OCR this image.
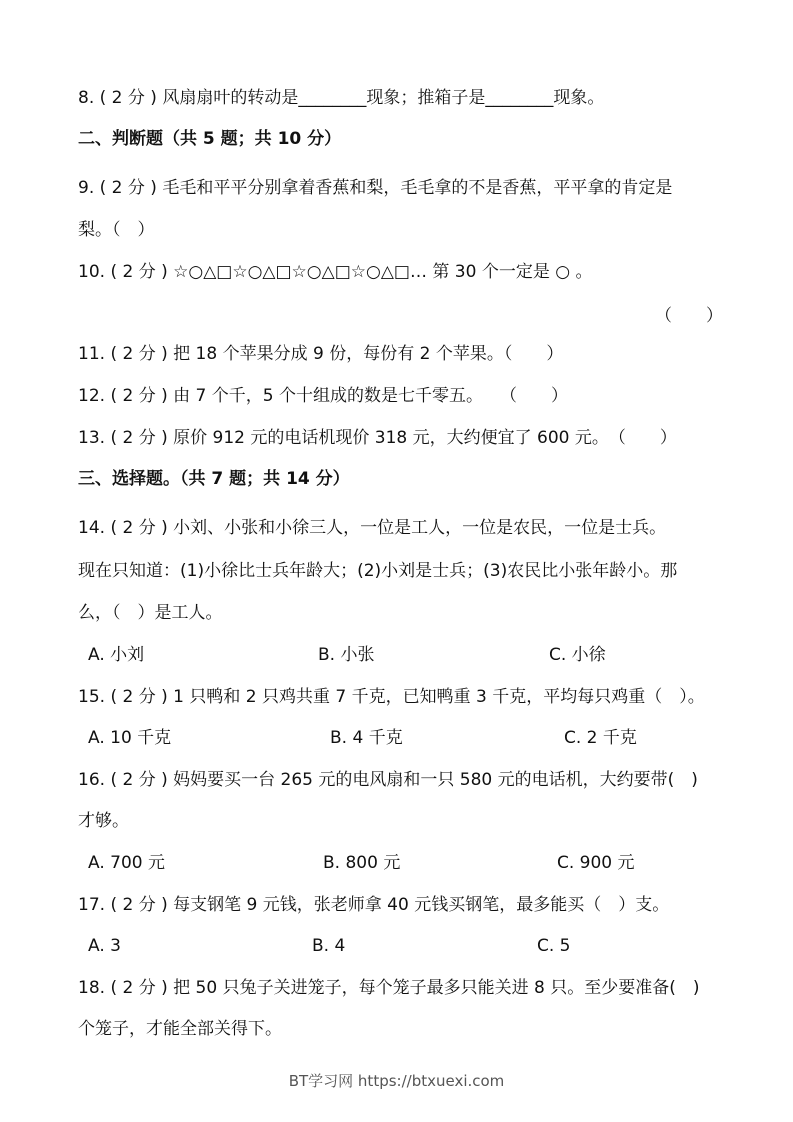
8. ( 2 分 ) 风扇扇叶的转动是________现象；推箱子是________现象。
二、判断题（共 5 题；共 10 分）
9. ( 2 分 ) 毛毛和平平分别拿着香蕉和梨，毛毛拿的不是香蕉，平平拿的肯定是
梨。（　）
10. ( 2 分 ) ☆○△□☆○△□☆○△□☆○△□… 第 30 个一定是 ○ 。
（　　）
11. ( 2 分 ) 把 18 个苹果分成 9 份，每份有 2 个苹果。（　　）
12. ( 2 分 ) 由 7 个千，5 个十组成的数是七千零五。　　（　　）
13. ( 2 分 ) 原价 912 元的电话机现价 318 元，大约便宜了 600 元。　（　　）
三、选择题。（共 7 题；共 14 分）
14. ( 2 分 ) 小刘、小张和小徐三人，一位是工人，一位是农民，一位是士兵。
现在只知道：(1)小徐比士兵年龄大；(2)小刘是士兵；(3)农民比小张年龄小。那
么，（　）是工人。
A. 小刘	B. 小张	C. 小徐
15. ( 2 分 ) 1 只鸭和 2 只鸡共重 7 千克，已知鸭重 3 千克，平均每只鸡重（　）。
A. 10 千克	B. 4 千克	C. 2 千克
16. ( 2 分 ) 妈妈要买一台 265 元的电风扇和一只 580 元的电话机，大约要带(　)
才够。
A. 700 元	B. 800 元	C. 900 元
17. ( 2 分 ) 每支钢笔 9 元钱，张老师拿 40 元钱买钢笔，最多能买（　）支。
A. 3	B. 4	C. 5
18. ( 2 分 ) 把 50 只兔子关进笼子，每个笼子最多只能关进 8 只。至少要准备(　)
个笼子，才能全部关得下。
BT学习网 https://btxuexi.com
